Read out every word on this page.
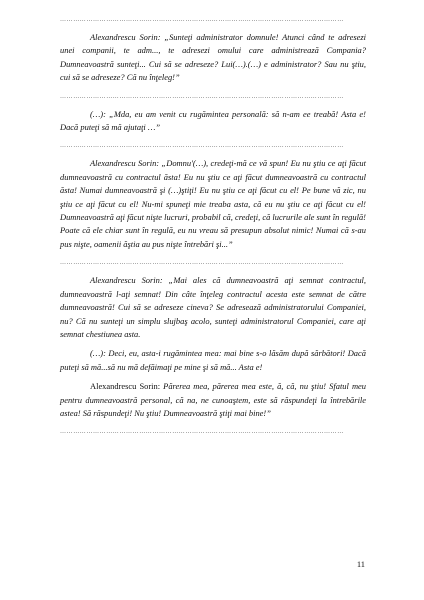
…………………………………………………………………………………………………………………

Alexandrescu Sorin: „Sunteţi administrator domnule! Atunci când te adresezi unei companii, te adm..., te adresezi omului care administrează Compania? Dumneavoastră sunteţi... Cui să se adreseze? Lui(…).(…) e administrator? Sau nu ştiu, cui să se adreseze? Că nu înţeleg!”

…………………………………………………………………………………………………………………

(…): „Mda, eu am venit cu rugămintea personală: să n-am ee treabă! Asta e! Dacă puteţi să mă ajutaţi …”

…………………………………………………………………………………………………………………

Alexandrescu Sorin: „Domnu'(…), credeţi-mă ce vă spun! Eu nu ştiu ce aţi făcut dumneavoastră cu contractul ăsta! Eu nu ştiu ce aţi făcut dumneavoastră cu contractul ăsta! Numai dumneavoastră şi (…)ştiţi! Eu nu ştiu ce aţi făcut cu el! Pe bune vă zic, nu ştiu ce aţi făcut cu el! Nu-mi spuneţi mie treaba asta, că eu nu ştiu ce aţi făcut cu el! Dumneavoastră aţi făcut nişte lucruri, probabil că, credeţi, că lucrurile ale sunt în regulă! Poate că ele chiar sunt în regulă, eu nu vreau să presupun absolut nimic! Numai că s-au pus nişte, oamenii ăştia au pus nişte întrebări şi...”

…………………………………………………………………………………………………………………

Alexandrescu Sorin: „Mai ales că dumneavoastră aţi semnat contractul, dumneavoastră l-aţi semnat! Din câte înţeleg contractul acesta este semnat de către dumneavoastră! Cui să se adreseze cineva? Se adresează administratorului Companiei, nu? Că nu sunteţi un simplu slujbaş acolo, sunteţi administratorul Companiei, care aţi semnat chestiunea asta.

(…): Deci, eu, asta-i rugămintea mea: mai bine s-o lăsăm după sărbători! Dacă puteţi să mă...să nu mă defăimaţi pe mine şi să mă... Asta e!

Alexandrescu Sorin: Părerea mea, părerea mea este, ă, că, nu ştiu! Sfatul meu pentru dumneavoastră personal, că na, ne cunoaştem, este să răspundeţi la întrebările astea! Să răspundeţi! Nu ştiu! Dumneavoastră ştiţi mai bine!”

…………………………………………………………………………………………………………………
11
